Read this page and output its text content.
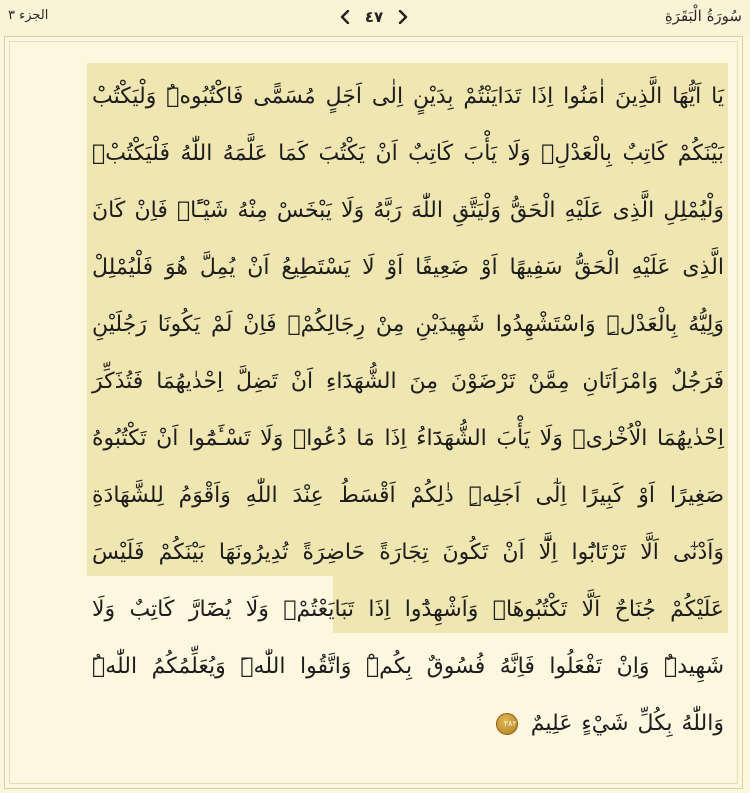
سُورَةُ الْبَقَرَةِ
٤٧
الجزء ٣
يَا اَيُّهَا الَّذِينَ اٰمَنُوا اِذَا تَدَايَنْتُمْ بِدَيْنٍ اِلٰى اَجَلٍ مُسَمًّى فَاكْتُبُوهُۜ وَلْيَكْتُبْ بَيْنَكُمْ كَاتِبٌ بِالْعَدْلِۖ وَلَا يَأْبَ كَاتِبٌ اَنْ يَكْتُبَ كَمَا عَلَّمَهُ اللّٰهُ فَلْيَكْتُبْۚ وَلْيُمْلِلِ الَّذِى عَلَيْهِ الْحَقُّ وَلْيَتَّقِ اللّٰهَ رَبَّهُ وَلَا يَبْخَسْ مِنْهُ شَيْـًٔاۜ فَاِنْ كَانَ الَّذِى عَلَيْهِ الْحَقُّ سَفِيهًا اَوْ ضَعِيفًا اَوْ لَا يَسْتَطِيعُ اَنْ يُمِلَّ هُوَ فَلْيُمْلِلْ وَلِيُّهُ بِالْعَدْلِۜ وَاسْتَشْهِدُوا شَهِيدَيْنِ مِنْ رِجَالِكُمْۚ فَاِنْ لَمْ يَكُونَا رَجُلَيْنِ فَرَجُلٌ وَامْرَاَتَانِ مِمَّنْ تَرْضَوْنَ مِنَ الشُّهَدَٓاءِ اَنْ تَضِلَّ اِحْدٰيهُمَا فَتُذَكِّرَ اِحْدٰيهُمَا الْاُخْرٰىۜ وَلَا يَأْبَ الشُّهَدَٓاءُ اِذَا مَا دُعُواۜ وَلَا تَسْـَٔمُٓوا اَنْ تَكْتُبُوهُ صَغِيرًا اَوْ كَبِيرًا اِلٰٓى اَجَلِهِۜ ذٰلِكُمْ اَقْسَطُ عِنْدَ اللّٰهِ وَاَقْوَمُ لِلشَّهَادَةِ وَاَدْنٰٓى اَلَّا تَرْتَابُٓوا اِلَّٓا اَنْ تَكُونَ تِجَارَةً حَاضِرَةً تُدِيرُونَهَا بَيْنَكُمْ فَلَيْسَ عَلَيْكُمْ جُنَاحٌ اَلَّا تَكْتُبُوهَاۜ وَاَشْهِدُٓوا اِذَا تَبَايَعْتُمْۖ وَلَا يُضَٓارَّ كَاتِبٌ وَلَا شَهِيدٌۜ وَاِنْ تَفْعَلُوا فَاِنَّهُ فُسُوقٌ بِكُمْۜ وَاتَّقُوا اللّٰهَۜ وَيُعَلِّمُكُمُ اللّٰهُۜ وَاللّٰهُ بِكُلِّ شَيْءٍ عَلِيمٌ ٢٨٢
